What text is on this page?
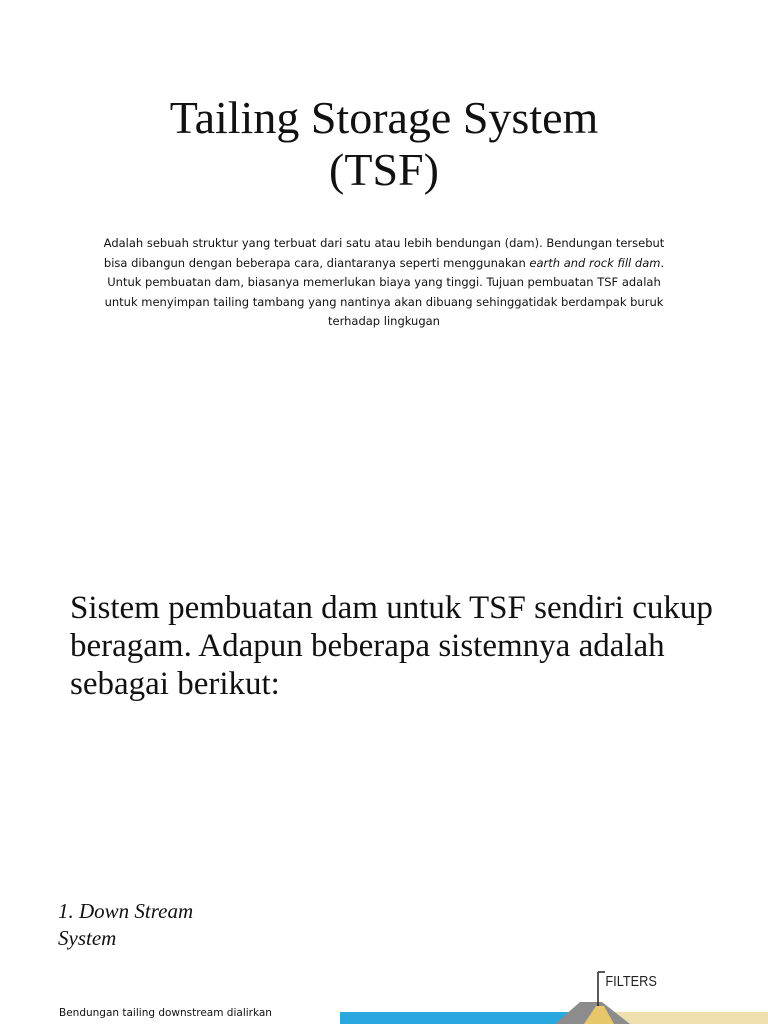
Tailing Storage System
(TSF)

Adalah sebuah struktur yang terbuat dari satu atau lebih bendungan (dam). Bendungan tersebut bisa dibangun dengan beberapa cara, diantaranya seperti menggunakan earth and rock fill dam. Untuk pembuatan dam, biasanya memerlukan biaya yang tinggi. Tujuan pembuatan TSF adalah untuk menyimpan tailing tambang yang nantinya akan dibuang sehinggatidak berdampak buruk terhadap lingkugan

Sistem pembuatan dam untuk TSF sendiri cukup beragam. Adapun beberapa sistemnya adalah sebagai berikut:

1. Down Stream
System

Bendungan tailing downstream dialirkan

FILTERS
